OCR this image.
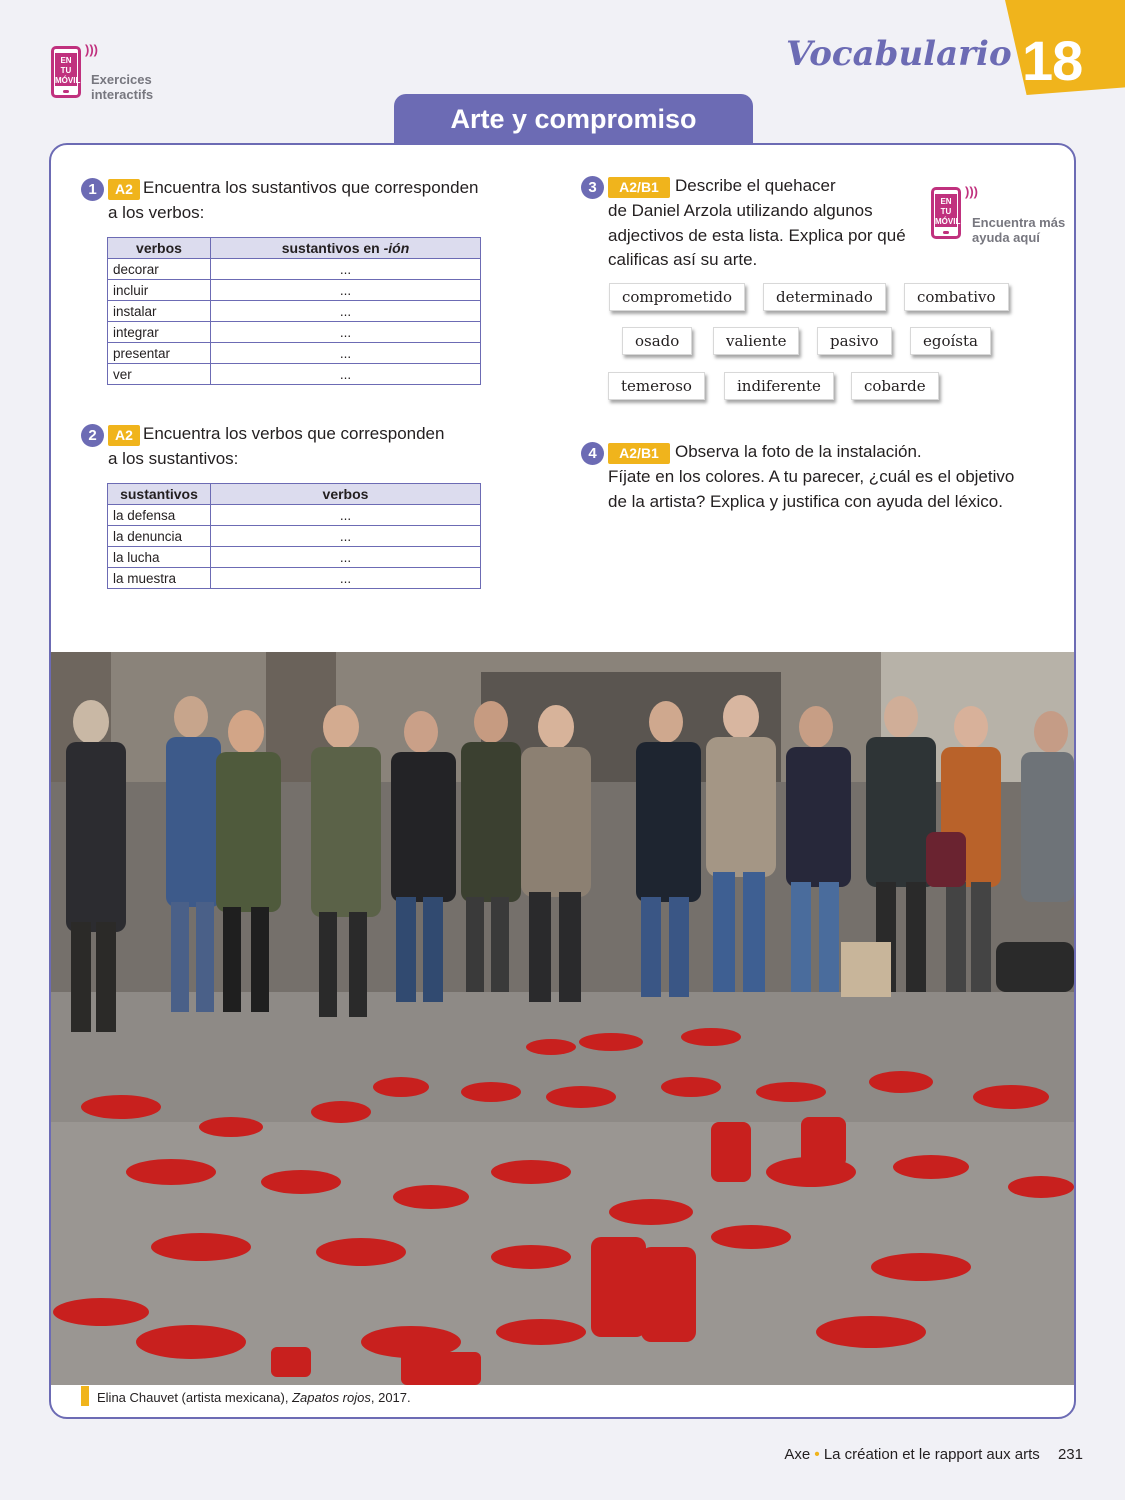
EN TU
MÓVIL
)))
Exercices
interactifs
Vocabulario 18
Arte y compromiso
1	A2 Encuentra los sustantivos que corresponden
a los verbos:
verbos	sustantivos en -ión
decorar	...
incluir	...
instalar	...
integrar	...
presentar	...
ver	...
2	A2 Encuentra los verbos que corresponden
a los sustantivos:
sustantivos	verbos
la defensa	...
la denuncia	...
la lucha	...
la muestra	...
3	A2/B1 Describe el quehacer
de Daniel Arzola utilizando algunos
adjectivos de esta lista. Explica por qué
calificas así su arte.
EN TU
MÓVIL
)))
Encuentra más
ayuda aquí
comprometido	determinado	combativo
osado	valiente	pasivo	egoísta
temeroso	indiferente	cobarde
4	A2/B1 Observa la foto de la instalación.
Fíjate en los colores. A tu parecer, ¿cuál es el objetivo
de la artista? Explica y justifica con ayuda del léxico.
Elina Chauvet (artista mexicana), Zapatos rojos, 2017.
Axe • La création et le rapport aux arts 231
